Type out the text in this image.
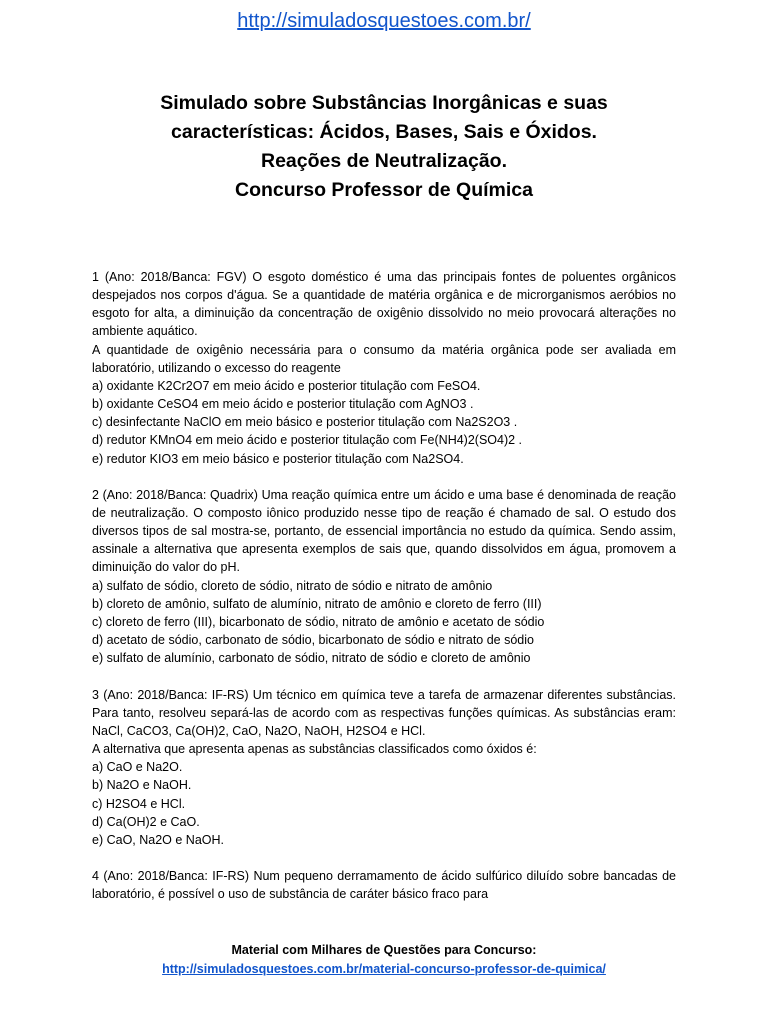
http://simuladosquestoes.com.br/
Simulado sobre Substâncias Inorgânicas e suas
características: Ácidos, Bases, Sais e Óxidos.
Reações de Neutralização.
Concurso Professor de Química
1 (Ano: 2018/Banca: FGV) O esgoto doméstico é uma das principais fontes de poluentes orgânicos despejados nos corpos d'água. Se a quantidade de matéria orgânica e de microrganismos aeróbios no esgoto for alta, a diminuição da concentração de oxigênio dissolvido no meio provocará alterações no ambiente aquático.
A quantidade de oxigênio necessária para o consumo da matéria orgânica pode ser avaliada em laboratório, utilizando o excesso do reagente
a) oxidante K2Cr2O7 em meio ácido e posterior titulação com FeSO4.
b) oxidante CeSO4 em meio ácido e posterior titulação com AgNO3 .
c) desinfectante NaClO em meio básico e posterior titulação com Na2S2O3 .
d) redutor KMnO4 em meio ácido e posterior titulação com Fe(NH4)2(SO4)2 .
e) redutor KIO3 em meio básico e posterior titulação com Na2SO4.
2 (Ano: 2018/Banca: Quadrix) Uma reação química entre um ácido e uma base é denominada de reação de neutralização. O composto iônico produzido nesse tipo de reação é chamado de sal. O estudo dos diversos tipos de sal mostra-se, portanto, de essencial importância no estudo da química. Sendo assim, assinale a alternativa que apresenta exemplos de sais que, quando dissolvidos em água, promovem a diminuição do valor do pH.
a) sulfato de sódio, cloreto de sódio, nitrato de sódio e nitrato de amônio
b) cloreto de amônio, sulfato de alumínio, nitrato de amônio e cloreto de ferro (III)
c) cloreto de ferro (III), bicarbonato de sódio, nitrato de amônio e acetato de sódio
d) acetato de sódio, carbonato de sódio, bicarbonato de sódio e nitrato de sódio
e) sulfato de alumínio, carbonato de sódio, nitrato de sódio e cloreto de amônio
3 (Ano: 2018/Banca: IF-RS) Um técnico em química teve a tarefa de armazenar diferentes substâncias. Para tanto, resolveu separá-las de acordo com as respectivas funções químicas. As substâncias eram: NaCl, CaCO3, Ca(OH)2, CaO, Na2O, NaOH, H2SO4 e HCl.
A alternativa que apresenta apenas as substâncias classificados como óxidos é:
a) CaO e Na2O.
b) Na2O e NaOH.
c) H2SO4 e HCl.
d) Ca(OH)2 e CaO.
e) CaO, Na2O e NaOH.
4 (Ano: 2018/Banca: IF-RS) Num pequeno derramamento de ácido sulfúrico diluído sobre bancadas de laboratório, é possível o uso de substância de caráter básico fraco para
Material com Milhares de Questões para Concurso:
http://simuladosquestoes.com.br/material-concurso-professor-de-quimica/
